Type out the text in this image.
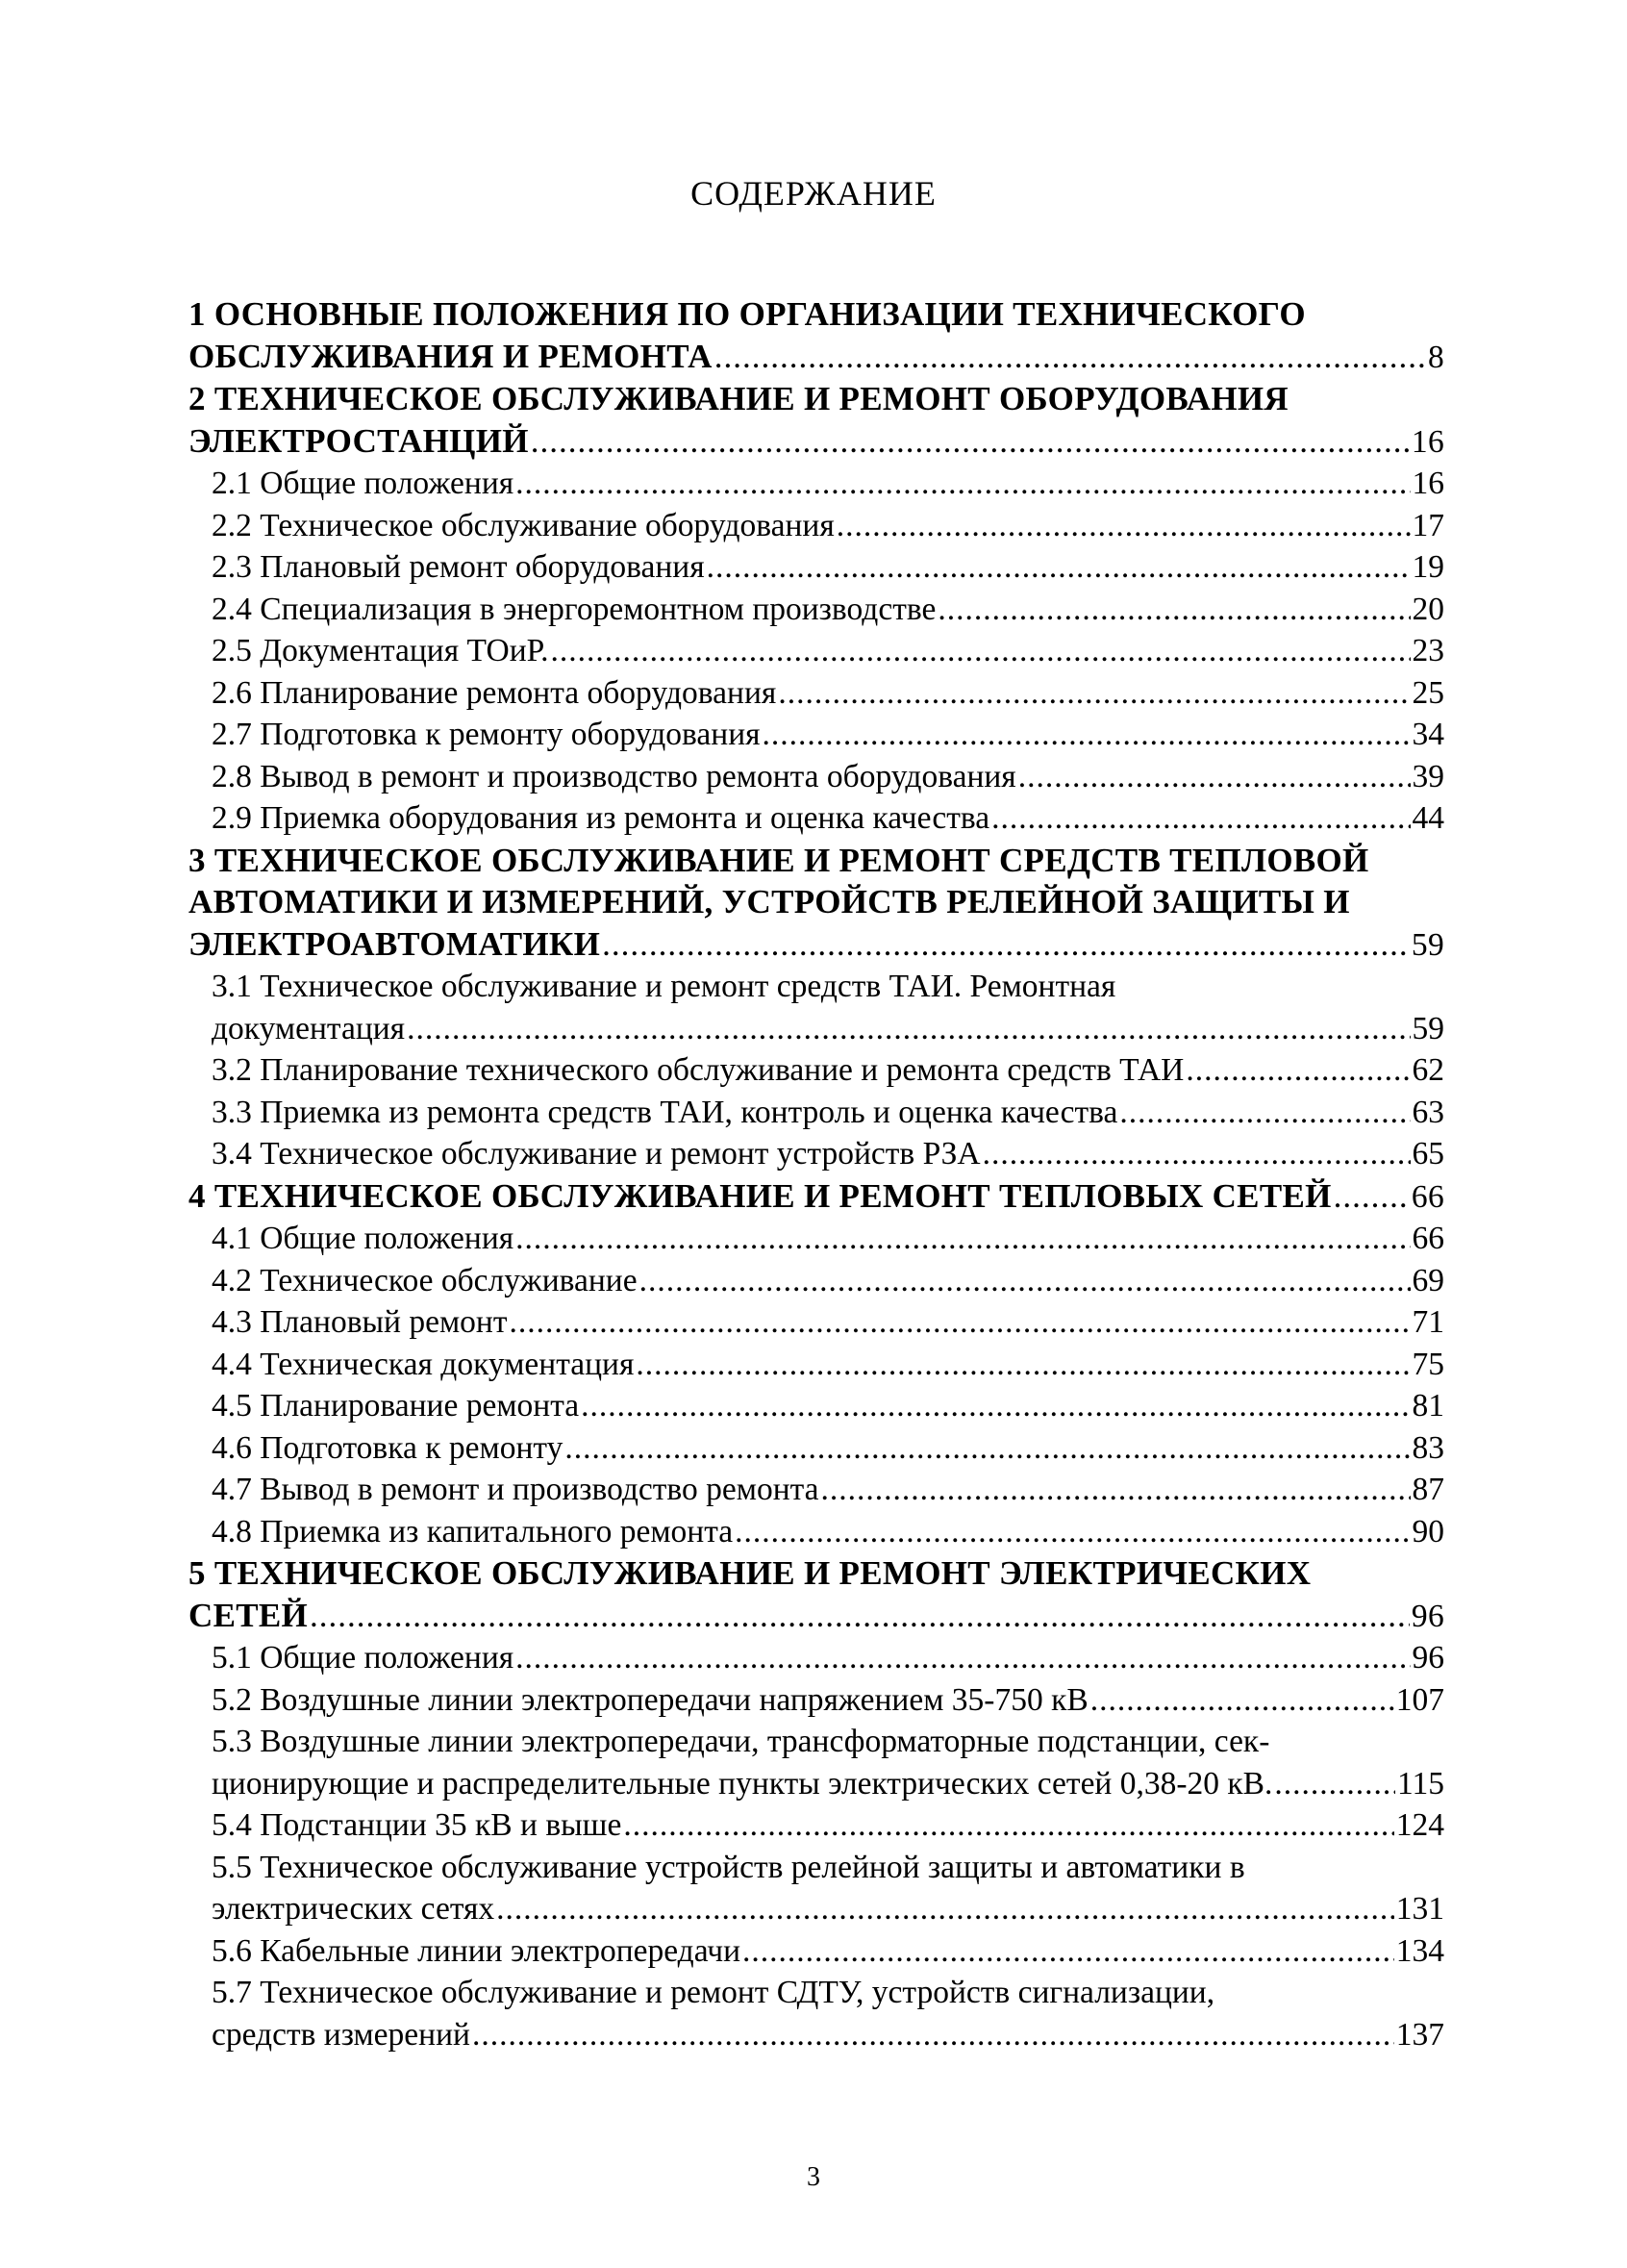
СОДЕРЖАНИЕ
1 ОСНОВНЫЕ ПОЛОЖЕНИЯ ПО ОРГАНИЗАЦИИ ТЕХНИЧЕСКОГО
ОБСЛУЖИВАНИЯ И РЕМОНТА .....	8
2 ТЕХНИЧЕСКОЕ ОБСЛУЖИВАНИЕ И РЕМОНТ ОБОРУДОВАНИЯ
ЭЛЕКТРОСТАНЦИЙ .....	16
2.1 Общие положения .....	16
2.2 Техническое обслуживание оборудования .....	17
2.3 Плановый ремонт оборудования .....	19
2.4 Специализация в энергоремонтном производстве .....	20
2.5 Документация ТОиР. .....	23
2.6 Планирование ремонта оборудования .....	25
2.7 Подготовка к ремонту оборудования .....	34
2.8 Вывод в ремонт и производство ремонта оборудования .....	39
2.9 Приемка оборудования из ремонта и оценка качества .....	44
3 ТЕХНИЧЕСКОЕ ОБСЛУЖИВАНИЕ И РЕМОНТ СРЕДСТВ ТЕПЛОВОЙ АВТОМАТИКИ И ИЗМЕРЕНИЙ, УСТРОЙСТВ РЕЛЕЙНОЙ ЗАЩИТЫ И
ЭЛЕКТРОАВТОМАТИКИ .....	59
3.1 Техническое обслуживание и ремонт средств ТАИ. Ремонтная
документация .....	59
3.2 Планирование технического обслуживание и ремонта средств ТАИ .....	62
3.3 Приемка из ремонта средств ТАИ, контроль и оценка качества .....	63
3.4 Техническое обслуживание и ремонт устройств РЗА .....	65
4 ТЕХНИЧЕСКОЕ ОБСЛУЖИВАНИЕ И РЕМОНТ ТЕПЛОВЫХ СЕТЕЙ ..... 66
4.1 Общие положения .....	66
4.2 Техническое обслуживание .....	69
4.3 Плановый ремонт .....	71
4.4 Техническая документация .....	75
4.5 Планирование ремонта .....	81
4.6 Подготовка к ремонту .....	83
4.7 Вывод в ремонт и производство ремонта .....	87
4.8 Приемка из капитального ремонта .....	90
5 ТЕХНИЧЕСКОЕ ОБСЛУЖИВАНИЕ И РЕМОНТ ЭЛЕКТРИЧЕСКИХ
СЕТЕЙ .....	96
5.1 Общие положения .....	96
5.2 Воздушные линии электропередачи напряжением 35-750 кВ .....	107
5.3 Воздушные линии электропередачи, трансформаторные подстанции, сек-
ционирующие и распределительные пункты электрических сетей 0,38-20 кВ. .....	115
5.4 Подстанции 35 кВ и выше .....	124
5.5 Техническое обслуживание устройств релейной защиты и автоматики в
электрических сетях .....	131
5.6 Кабельные линии электропередачи .....	134
5.7 Техническое обслуживание и ремонт СДТУ, устройств сигнализации,
средств измерений .....	137
3
